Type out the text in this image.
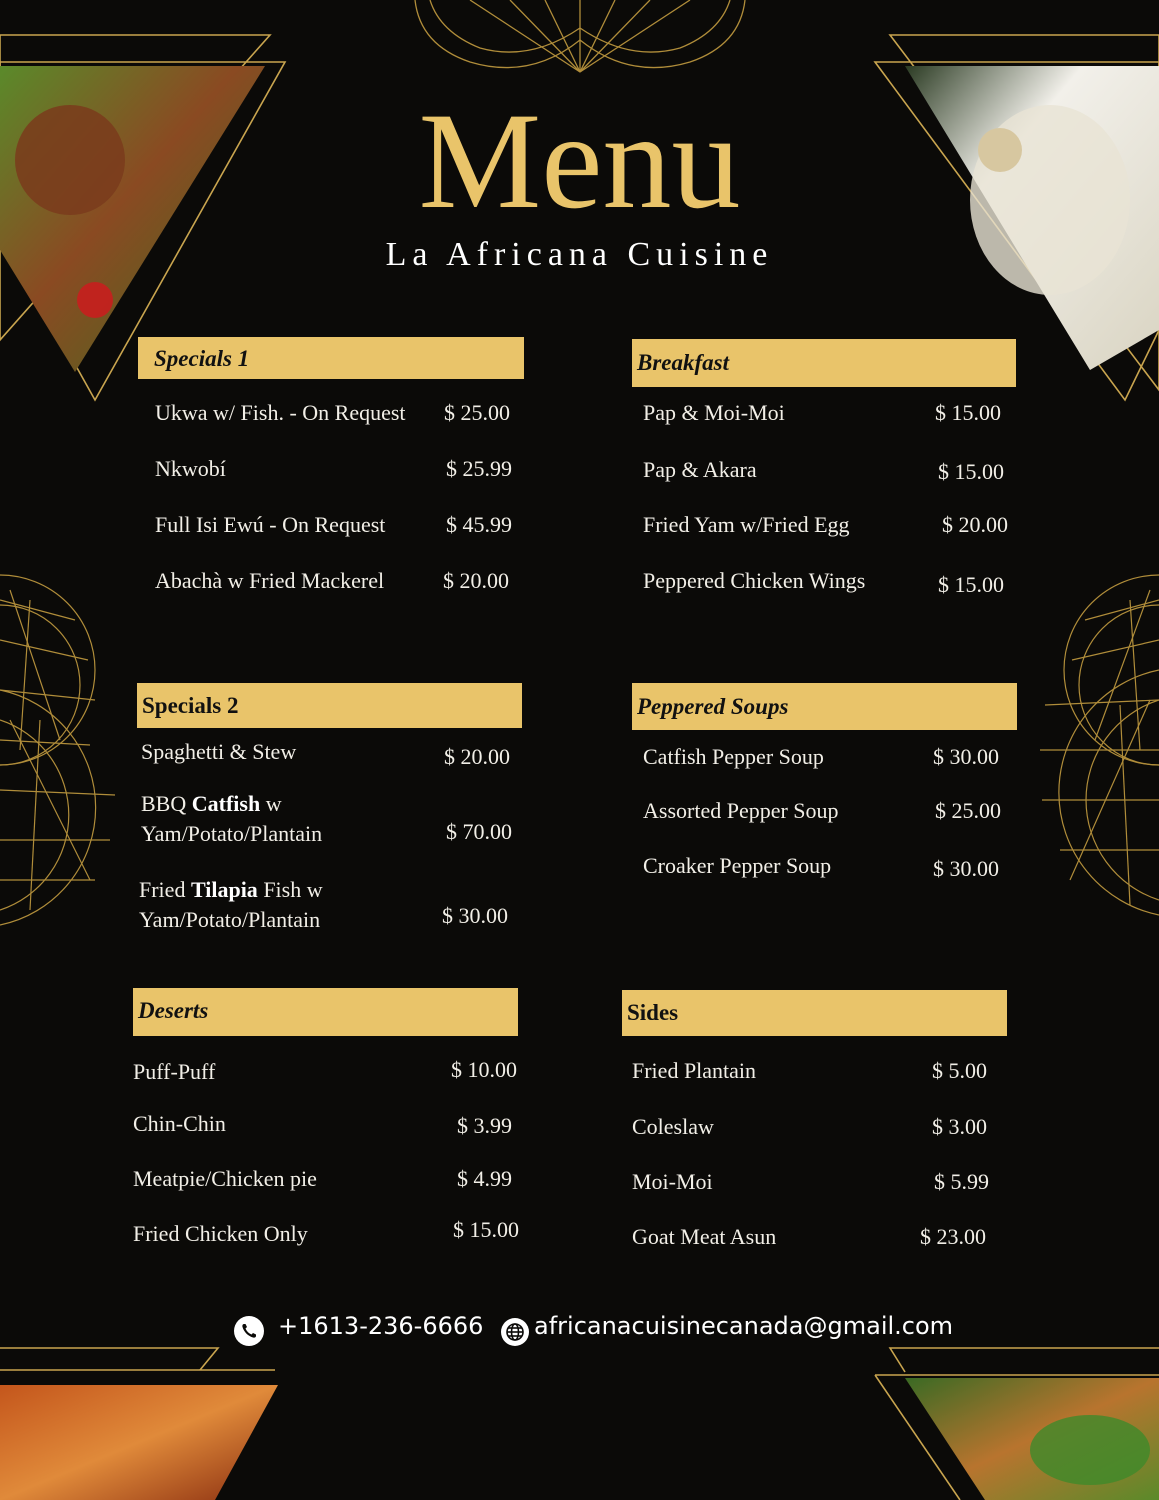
Menu
La Africana Cuisine
Specials 1
Ukwa w/ Fish. - On Request $ 25.00
Nkwobí	$ 25.99
Full Isi Ewú - On Request	$ 45.99
Abachà w Fried Mackerel	$ 20.00
Breakfast
Pap & Moi-Moi	$ 15.00
Pap & Akara	$ 15.00
Fried Yam w/Fried Egg	$ 20.00
Peppered Chicken Wings	$ 15.00
Specials 2
Spaghetti & Stew	$ 20.00
BBQ Catfish w
Yam/Potato/Plantain	$ 70.00
Fried Tilapia Fish w
Yam/Potato/Plantain	$ 30.00
Peppered Soups
Catfish Pepper Soup	$ 30.00
Assorted Pepper Soup	$ 25.00
Croaker Pepper Soup	$ 30.00
Deserts
Puff-Puff	$ 10.00
Chin-Chin	$ 3.99
Meatpie/Chicken pie	$ 4.99
Fried Chicken Only	$ 15.00
Sides
Fried Plantain	$ 5.00
Coleslaw	$ 3.00
Moi-Moi	$ 5.99
Goat Meat Asun	$ 23.00
+1613-236-6666 africanacuisinecanada@gmail.com
